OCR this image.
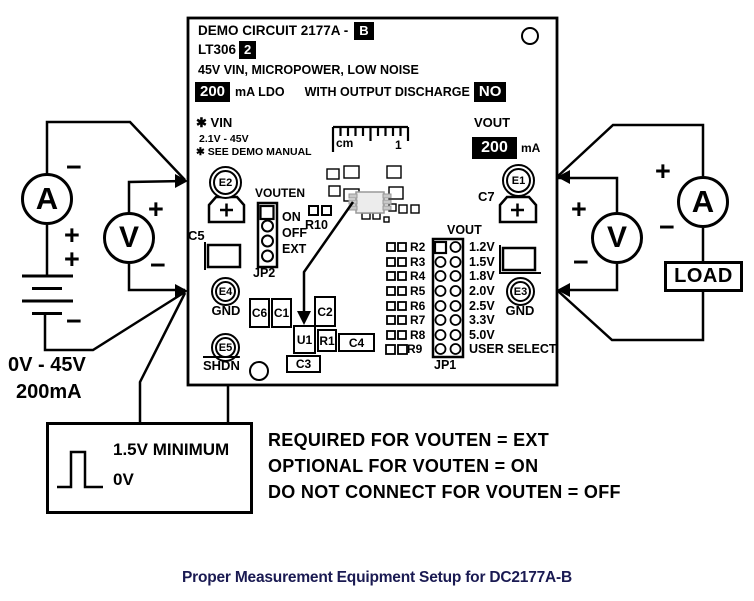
DEMO CIRCUIT 2177A - B
LT306 2
45V VIN, MICROPOWER, LOW NOISE
200 mA LDO WITH OUTPUT DISCHARGE NO
✱ VIN
2.1V - 45V
✱ SEE DEMO MANUAL
cm	1
VOUT
200	mA
E2	E1
E4	E3
E5
GND	GND
SHDN
C5
C7
VOUTEN
ON
OFF
EXT
JP2
R10
C6 C1 C2
U1 R1 C4
C3
VOUT
R2
R3
R4
R5
R6
R7
R8
R9
1.2V
1.5V
1.8V
2.0V
2.5V
3.3V
5.0V
USER SELECT
JP1
A
V
−
+
+
−
+
−
0V - 45V
200mA
V
A
+
−
+
−
LOAD
1.5V MINIMUM
0V
REQUIRED FOR VOUTEN = EXT
OPTIONAL FOR VOUTEN = ON
DO NOT CONNECT FOR VOUTEN = OFF
Proper Measurement Equipment Setup for DC2177A-B
